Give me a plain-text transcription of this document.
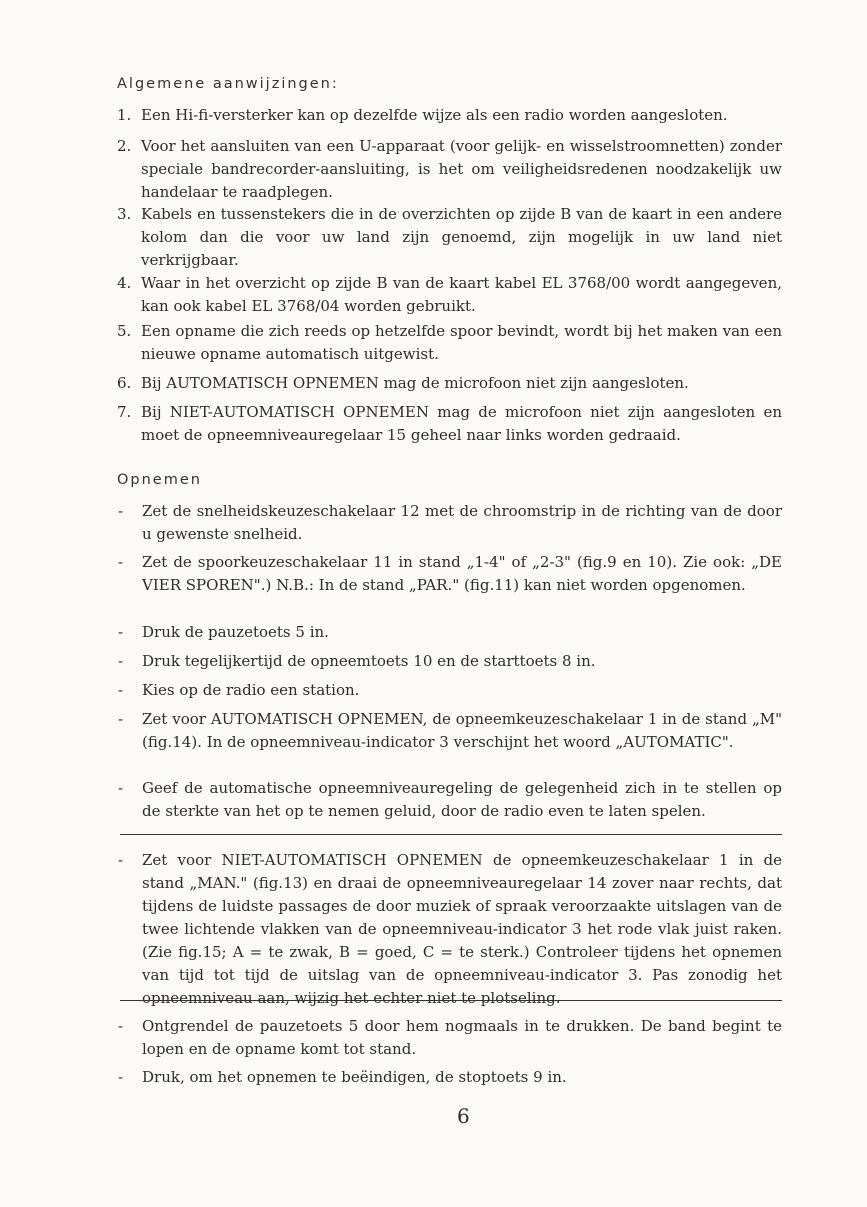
Algemene aanwijzingen:
1. Een Hi-fi-versterker kan op dezelfde wijze als een radio worden aangesloten.
2. Voor het aansluiten van een U-apparaat (voor gelijk- en wisselstroomnetten) zonder speciale bandrecorder-aansluiting, is het om veiligheidsredenen noodzakelijk uw handelaar te raadplegen.
3. Kabels en tussenstekers die in de overzichten op zijde B van de kaart in een andere kolom dan die voor uw land zijn genoemd, zijn mogelijk in uw land niet verkrijgbaar.
4. Waar in het overzicht op zijde B van de kaart kabel EL 3768/00 wordt aangegeven, kan ook kabel EL 3768/04 worden gebruikt.
5. Een opname die zich reeds op hetzelfde spoor bevindt, wordt bij het maken van een nieuwe opname automatisch uitgewist.
6. Bij AUTOMATISCH OPNEMEN mag de microfoon niet zijn aangesloten.
7. Bij NIET-AUTOMATISCH OPNEMEN mag de microfoon niet zijn aangesloten en moet de opneemniveauregelaar 15 geheel naar links worden gedraaid.
Opnemen
- Zet de snelheidskeuzeschakelaar 12 met de chroomstrip in de richting van de door u gewenste snelheid.
- Zet de spoorkeuzeschakelaar 11 in stand „1-4" of „2-3" (fig.9 en 10). Zie ook: „DE VIER SPOREN".) N.B.: In de stand „PAR." (fig.11) kan niet worden opgenomen.
- Druk de pauzetoets 5 in.
- Druk tegelijkertijd de opneemtoets 10 en de starttoets 8 in.
- Kies op de radio een station.
- Zet voor AUTOMATISCH OPNEMEN, de opneemkeuzeschakelaar 1 in de stand „M" (fig.14). In de opneemniveau-indicator 3 verschijnt het woord „AUTOMATIC".
- Geef de automatische opneemniveauregeling de gelegenheid zich in te stellen op de sterkte van het op te nemen geluid, door de radio even te laten spelen.
- Zet voor NIET-AUTOMATISCH OPNEMEN de opneemkeuzeschakelaar 1 in de stand „MAN." (fig.13) en draai de opneemniveauregelaar 14 zover naar rechts, dat tijdens de luidste passages de door muziek of spraak veroorzaakte uitslagen van de twee lichtende vlakken van de opneemniveau-indicator 3 het rode vlak juist raken. (Zie fig.15; A = te zwak, B = goed, C = te sterk.) Controleer tijdens het opnemen van tijd tot tijd de uitslag van de opneemniveau-indicator 3. Pas zonodig het opneemniveau aan, wijzig het echter niet te plotseling.
- Ontgrendel de pauzetoets 5 door hem nogmaals in te drukken. De band begint te lopen en de opname komt tot stand.
- Druk, om het opnemen te beëindigen, de stoptoets 9 in.
6
